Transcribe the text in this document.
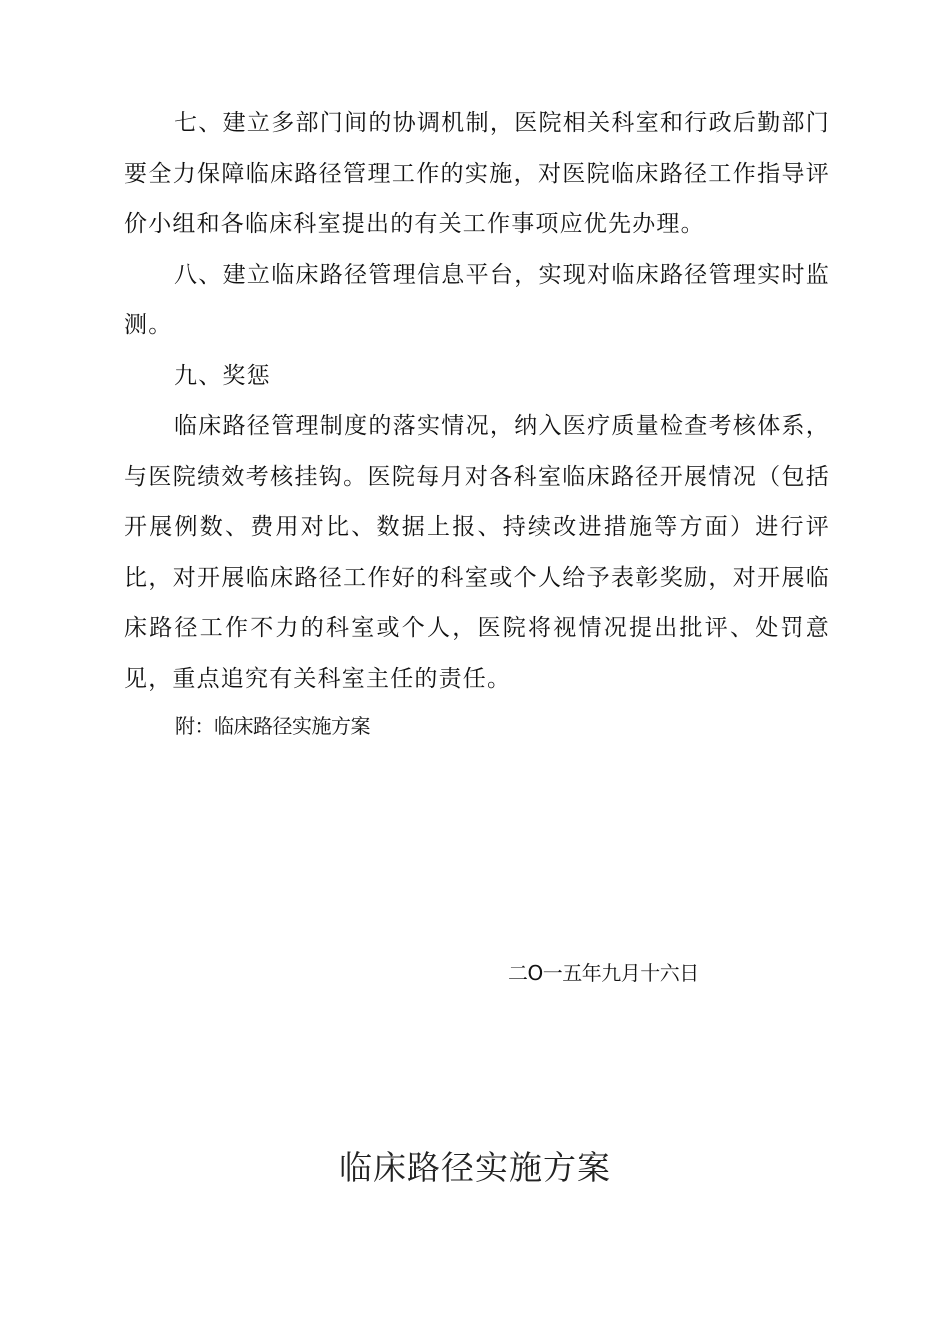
七、建立多部门间的协调机制，医院相关科室和行政后勤部门要全力保障临床路径管理工作的实施，对医院临床路径工作指导评价小组和各临床科室提出的有关工作事项应优先办理。

八、建立临床路径管理信息平台，实现对临床路径管理实时监测。

九、奖惩

临床路径管理制度的落实情况，纳入医疗质量检查考核体系，与医院绩效考核挂钩。医院每月对各科室临床路径开展情况（包括开展例数、费用对比、数据上报、持续改进措施等方面）进行评比，对开展临床路径工作好的科室或个人给予表彰奖励，对开展临床路径工作不力的科室或个人，医院将视情况提出批评、处罚意见，重点追究有关科室主任的责任。

附：临床路径实施方案
二O一五年九月十六日
临床路径实施方案
